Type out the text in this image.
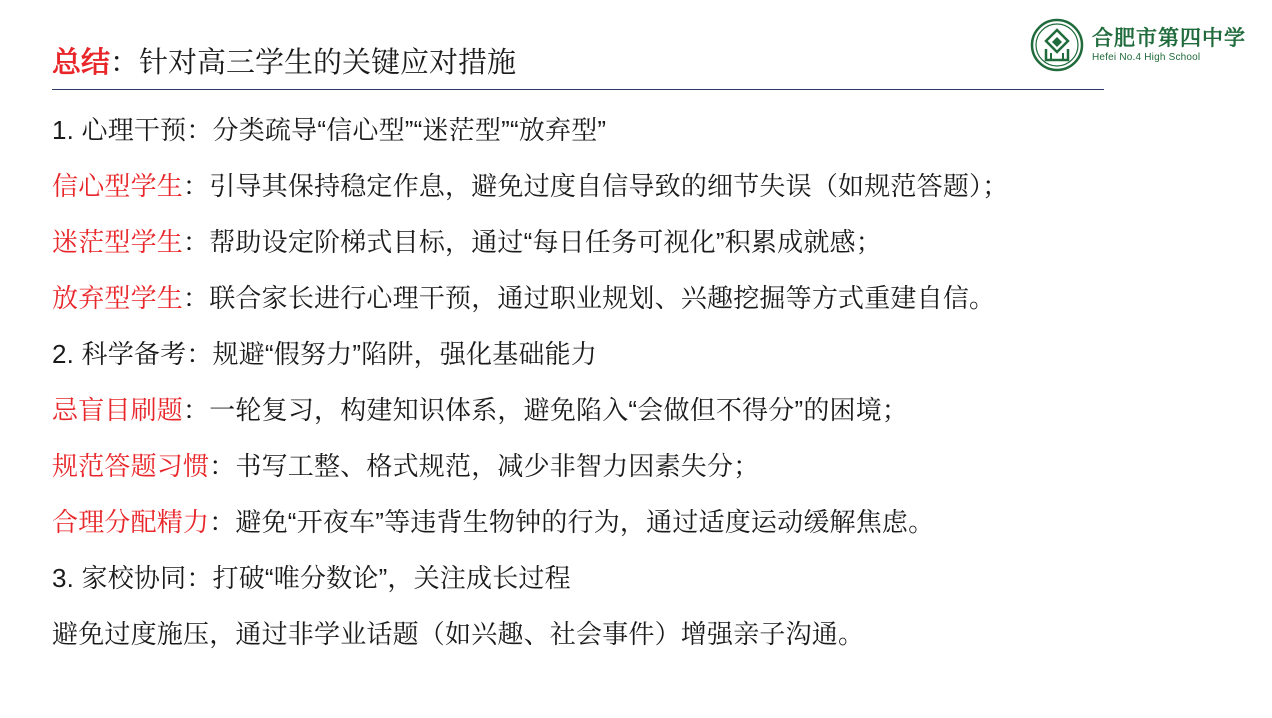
合肥市第四中学
Hefei No.4 High School
总结：针对高三学生的关键应对措施
1. 心理干预：分类疏导“信心型”“迷茫型”“放弃型”
信心型学生：引导其保持稳定作息，避免过度自信导致的细节失误（如规范答题）；
迷茫型学生：帮助设定阶梯式目标，通过“每日任务可视化”积累成就感；
放弃型学生：联合家长进行心理干预，通过职业规划、兴趣挖掘等方式重建自信。
2. 科学备考：规避“假努力”陷阱，强化基础能力
忌盲目刷题：一轮复习，构建知识体系，避免陷入“会做但不得分”的困境；
规范答题习惯：书写工整、格式规范，减少非智力因素失分；
合理分配精力：避免“开夜车”等违背生物钟的行为，通过适度运动缓解焦虑。
3. 家校协同：打破“唯分数论”，关注成长过程
避免过度施压，通过非学业话题（如兴趣、社会事件）增强亲子沟通。
